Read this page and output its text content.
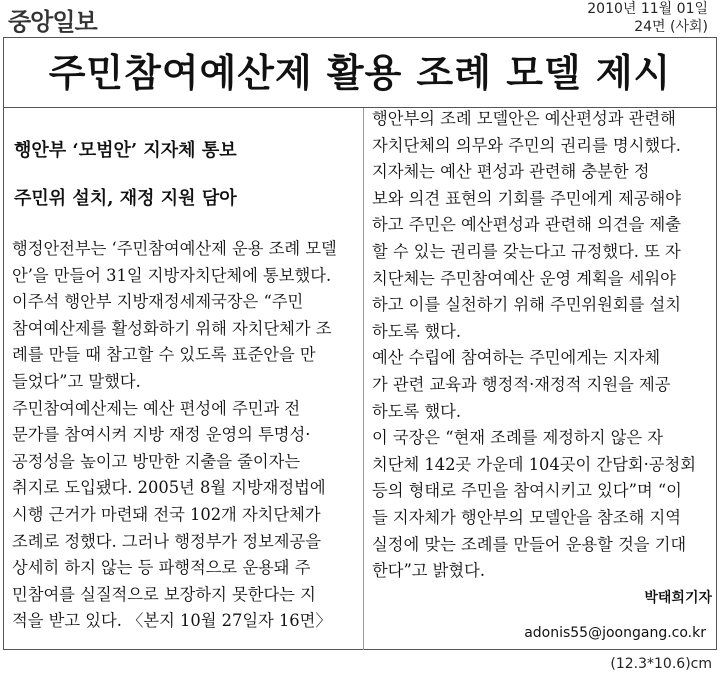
중앙일보	2010년 11월 01일
24면 (사회)
주민참여예산제 활용 조례 모델 제시
행안부 ‘모범안’ 지자체 통보
주민위 설치, 재정 지원 담아
행정안전부는 ‘주민참여예산제 운용 조례 모델
안’을 만들어 31일 지방자치단체에 통보했다.
이주석 행안부 지방재정세제국장은 “주민
참여예산제를 활성화하기 위해 자치단체가 조
례를 만들 때 참고할 수 있도록 표준안을 만
들었다”고 말했다.
주민참여예산제는 예산 편성에 주민과 전
문가를 참여시켜 지방 재정 운영의 투명성·
공정성을 높이고 방만한 지출을 줄이자는
취지로 도입됐다. 2005년 8월 지방재정법에
시행 근거가 마련돼 전국 102개 자치단체가
조례로 정했다. 그러나 행정부가 정보제공을
상세히 하지 않는 등 파행적으로 운용돼 주
민참여를 실질적으로 보장하지 못한다는 지
적을 받고 있다. 〈본지 10월 27일자 16면〉
행안부의 조례 모델안은 예산편성과 관련해
자치단체의 의무와 주민의 권리를 명시했다.
지자체는 예산 편성과 관련해 충분한 정
보와 의견 표현의 기회를 주민에게 제공해야
하고 주민은 예산편성과 관련해 의견을 제출
할 수 있는 권리를 갖는다고 규정했다. 또 자
치단체는 주민참여예산 운영 계획을 세워야
하고 이를 실천하기 위해 주민위원회를 설치
하도록 했다.
예산 수립에 참여하는 주민에게는 지자체
가 관련 교육과 행정적·재정적 지원을 제공
하도록 했다.
이 국장은 “현재 조례를 제정하지 않은 자
치단체 142곳 가운데 104곳이 간담회·공청회
등의 형태로 주민을 참여시키고 있다”며 “이
들 지자체가 행안부의 모델안을 참조해 지역
실정에 맞는 조례를 만들어 운용할 것을 기대
한다”고 밝혔다.
박태희기자
adonis55@joongang.co.kr
(12.3*10.6)cm
